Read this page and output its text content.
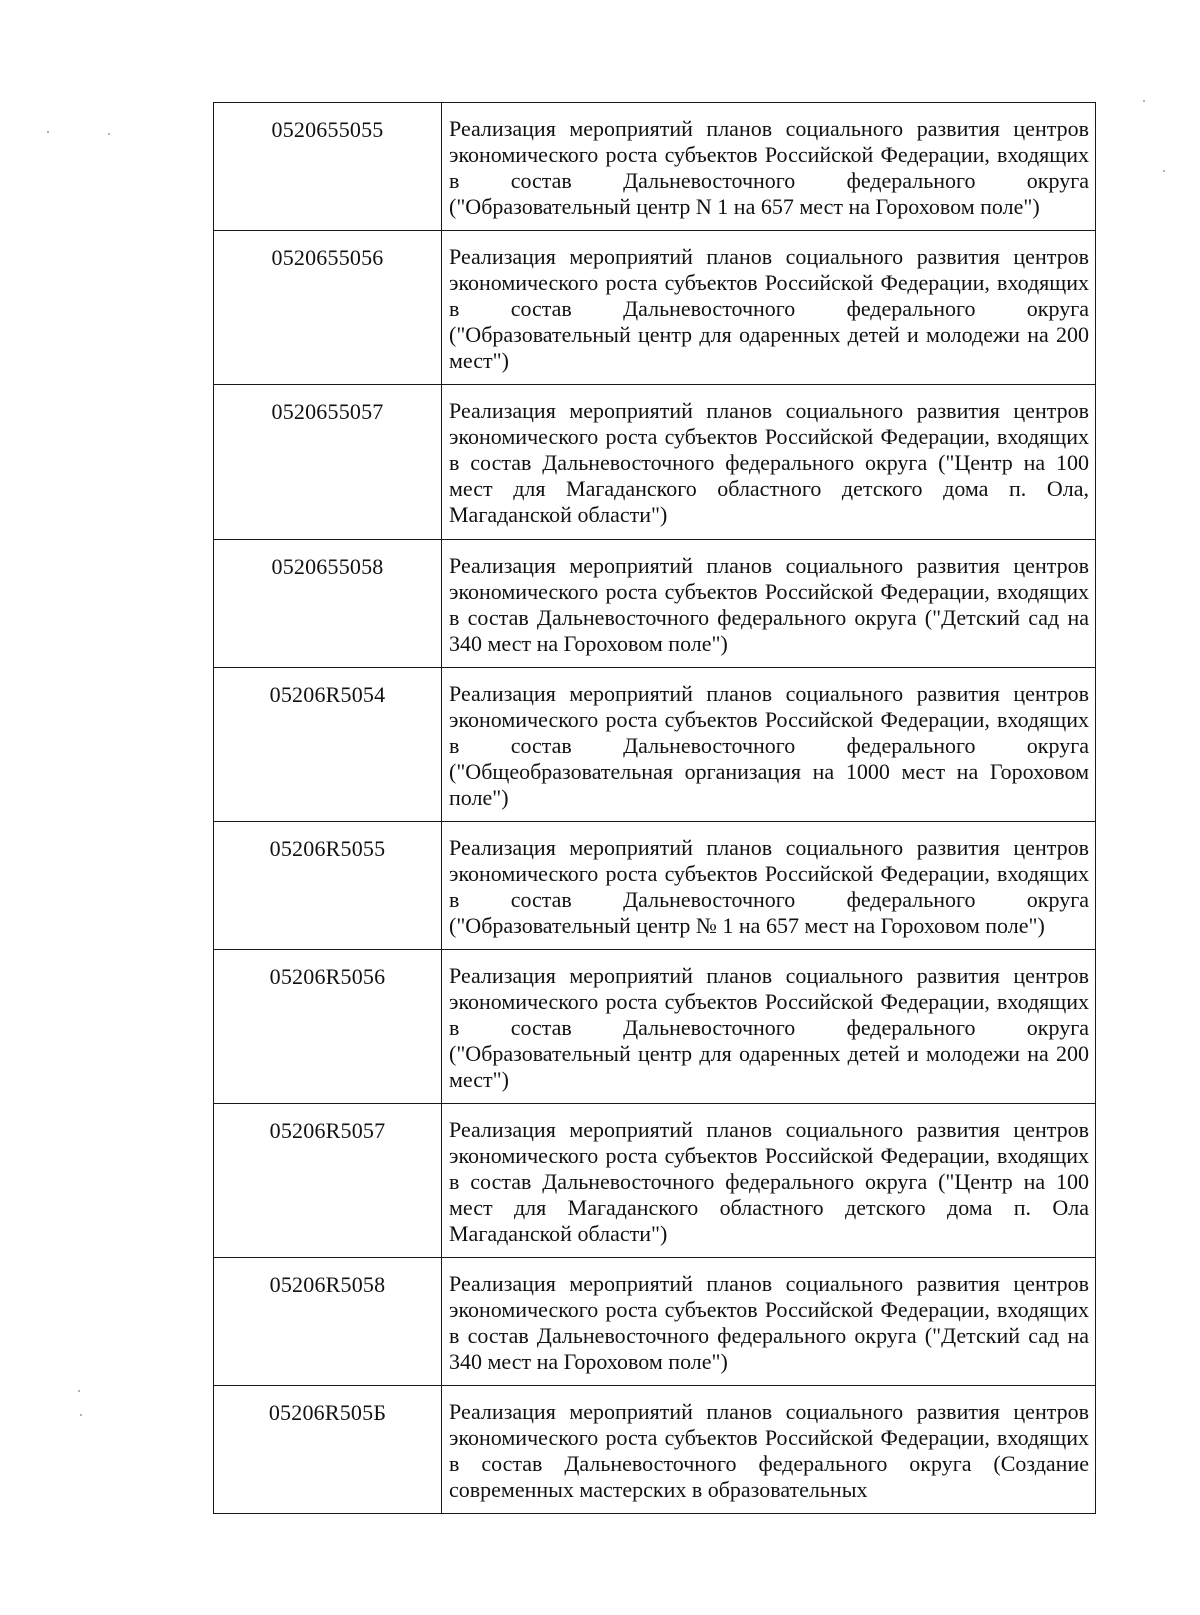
0520655055	Реализация мероприятий планов социального развития центров экономического роста субъектов Российской Федерации, входящих в состав Дальневосточного федерального округа ("Образовательный центр N 1 на 657 мест на Гороховом поле")
0520655056	Реализация мероприятий планов социального развития центров экономического роста субъектов Российской Федерации, входящих в состав Дальневосточного федерального округа ("Образовательный центр для одаренных детей и молодежи на 200 мест")
0520655057	Реализация мероприятий планов социального развития центров экономического роста субъектов Российской Федерации, входящих в состав Дальневосточного федерального округа ("Центр на 100 мест для Магаданского областного детского дома п. Ола, Магаданской области")
0520655058	Реализация мероприятий планов социального развития центров экономического роста субъектов Российской Федерации, входящих в состав Дальневосточного федерального округа ("Детский сад на 340 мест на Гороховом поле")
05206R5054	Реализация мероприятий планов социального развития центров экономического роста субъектов Российской Федерации, входящих в состав Дальневосточного федерального округа ("Общеобразовательная организация на 1000 мест на Гороховом поле")
05206R5055	Реализация мероприятий планов социального развития центров экономического роста субъектов Российской Федерации, входящих в состав Дальневосточного федерального округа ("Образовательный центр № 1 на 657 мест на Гороховом поле")
05206R5056	Реализация мероприятий планов социального развития центров экономического роста субъектов Российской Федерации, входящих в состав Дальневосточного федерального округа ("Образовательный центр для одаренных детей и молодежи на 200 мест")
05206R5057	Реализация мероприятий планов социального развития центров экономического роста субъектов Российской Федерации, входящих в состав Дальневосточного федерального округа ("Центр на 100 мест для Магаданского областного детского дома п. Ола Магаданской области")
05206R5058	Реализация мероприятий планов социального развития центров экономического роста субъектов Российской Федерации, входящих в состав Дальневосточного федерального округа ("Детский сад на 340 мест на Гороховом поле")
05206R505Б	Реализация мероприятий планов социального развития центров экономического роста субъектов Российской Федерации, входящих в состав Дальневосточного федерального округа (Создание современных мастерских в образовательных
